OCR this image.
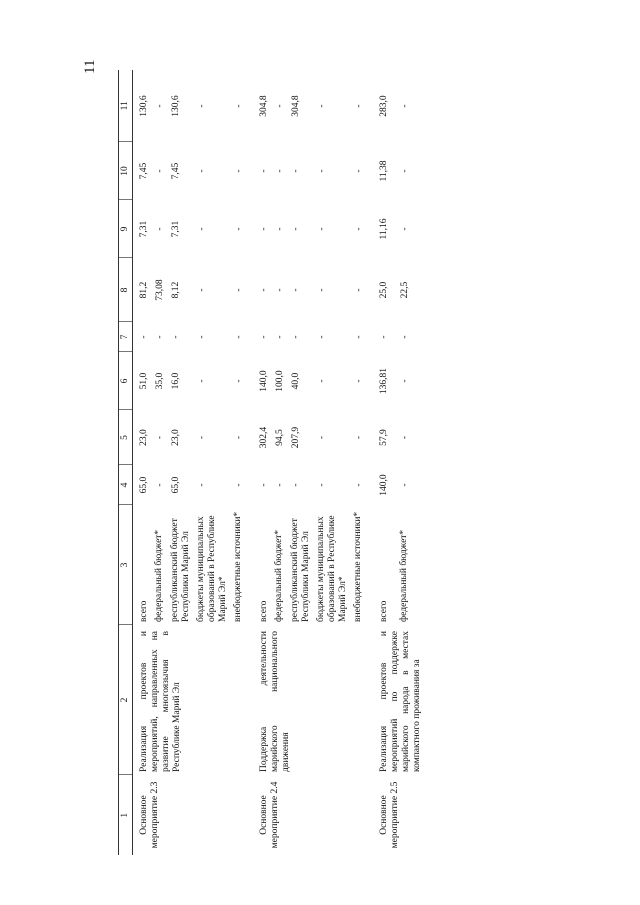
11
1	2	3	4	5	6	7	8	9	10	11
Основное мероприятие 2.3	Реализация проектов и мероприятий, направленных на развитие многоязычия в Республике Марий Эл	всего	65,0	23,0	51,0	-	81,2	7,31	7,45	130,6
		федеральный бюджет*	-	-	35,0	-	73,08	-	-	-
		республиканский бюджет Республики Марий Эл	65,0	23,0	16,0	-	8,12	7,31	7,45	130,6
		бюджеты муниципальных образований в Республике Марий Эл*	-	-	-	-	-	-	-	-
		внебюджетные источники*	-	-	-	-	-	-	-	-
Основное мероприятие 2.4	Поддержка деятельности марийского национального движения	всего	-	302,4	140,0	-	-	-	-	304,8
		федеральный бюджет*	-	94,5	100,0	-	-	-	-	-
		республиканский бюджет Республики Марий Эл	-	207,9	40,0	-	-	-	-	304,8
		бюджеты муниципальных образований в Республике Марий Эл*	-	-	-	-	-	-	-	-
		внебюджетные источники*	-	-	-	-	-	-	-	-
Основное мероприятие 2.5	Реализация проектов и мероприятий по поддержке марийского народа в местах компактного проживания за	всего	140,0	57,9	136,81	-	25,0	11,16	11,38	283,0
		федеральный бюджет*	-	-	-	-	22,5	-	-	-
